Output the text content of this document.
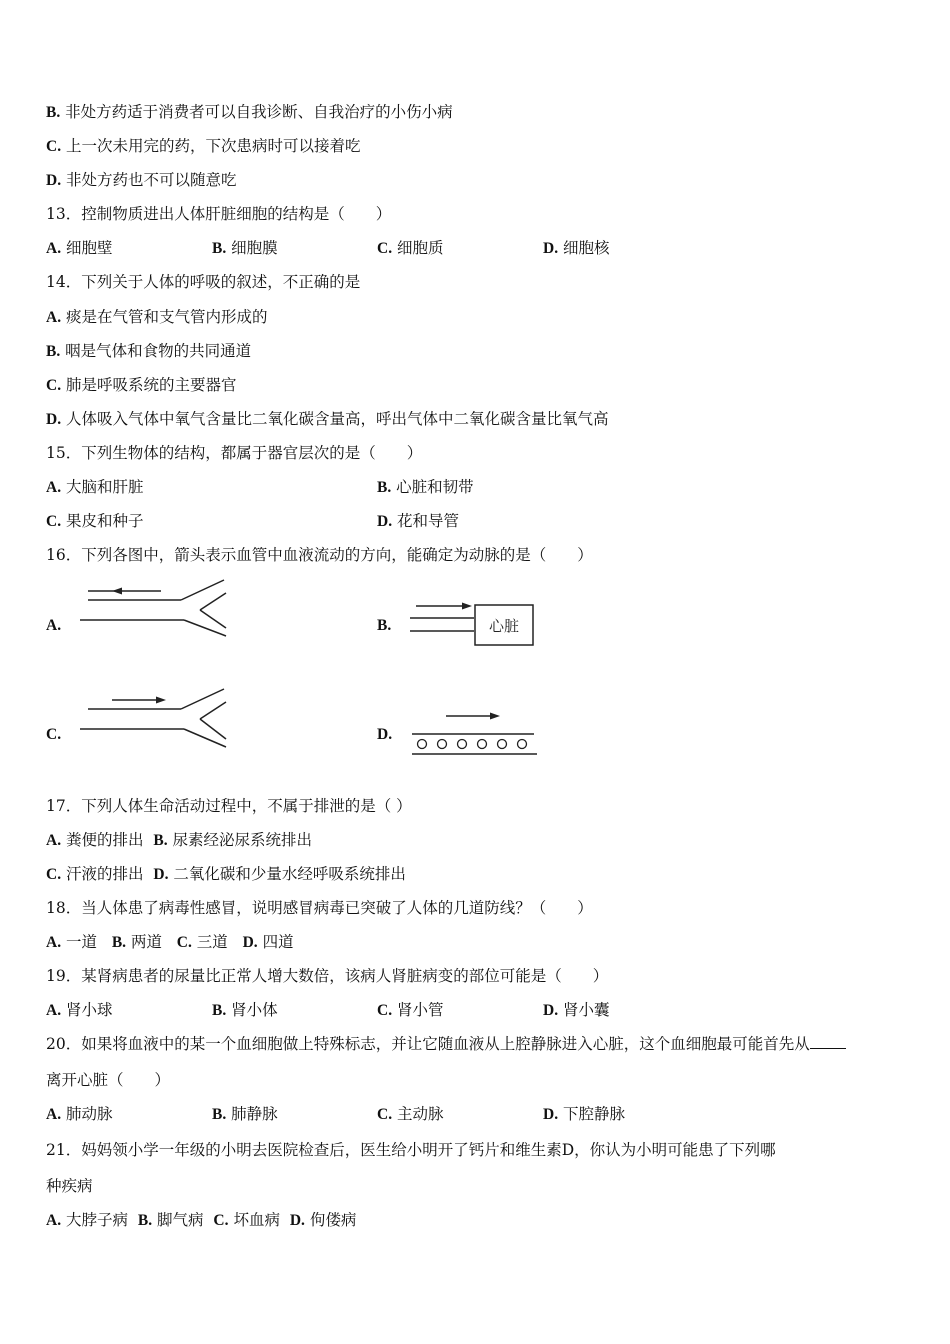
B. 非处方药适于消费者可以自我诊断、自我治疗的小伤小病
C. 上一次未用完的药，下次患病时可以接着吃
D. 非处方药也不可以随意吃
13．控制物质进出人体肝脏细胞的结构是（　　）
A. 细胞壁	B. 细胞膜	C. 细胞质	D. 细胞核
14．下列关于人体的呼吸的叙述，不正确的是
A. 痰是在气管和支气管内形成的
B. 咽是气体和食物的共同通道
C. 肺是呼吸系统的主要器官
D. 人体吸入气体中氧气含量比二氧化碳含量高，呼出气体中二氧化碳含量比氧气高
15．下列生物体的结构，都属于器官层次的是（　　）
A. 大脑和肝脏	B. 心脏和韧带
C. 果皮和种子	D. 花和导管
16．下列各图中，箭头表示血管中血液流动的方向，能确定为动脉的是（　　）
A.	B.	心脏
C.	D.
17．下列人体生命活动过程中，不属于排泄的是（ ）
A. 粪便的排出 B. 尿素经泌尿系统排出
C. 汗液的排出 D. 二氧化碳和少量水经呼吸系统排出
18．当人体患了病毒性感冒，说明感冒病毒已突破了人体的几道防线？（　　）
A. 一道 B. 两道 C. 三道 D. 四道
19．某肾病患者的尿量比正常人增大数倍，该病人肾脏病变的部位可能是（　　）
A. 肾小球	B. 肾小体	C. 肾小管	D. 肾小囊
20．如果将血液中的某一个血细胞做上特殊标志，并让它随血液从上腔静脉进入心脏，这个血细胞最可能首先从
离开心脏（　　）
A. 肺动脉	B. 肺静脉	C. 主动脉	D. 下腔静脉
21．妈妈领小学一年级的小明去医院检查后，医生给小明开了钙片和维生素D，你认为小明可能患了下列哪
种疾病
A. 大脖子病 B. 脚气病 C. 坏血病 D. 佝偻病
